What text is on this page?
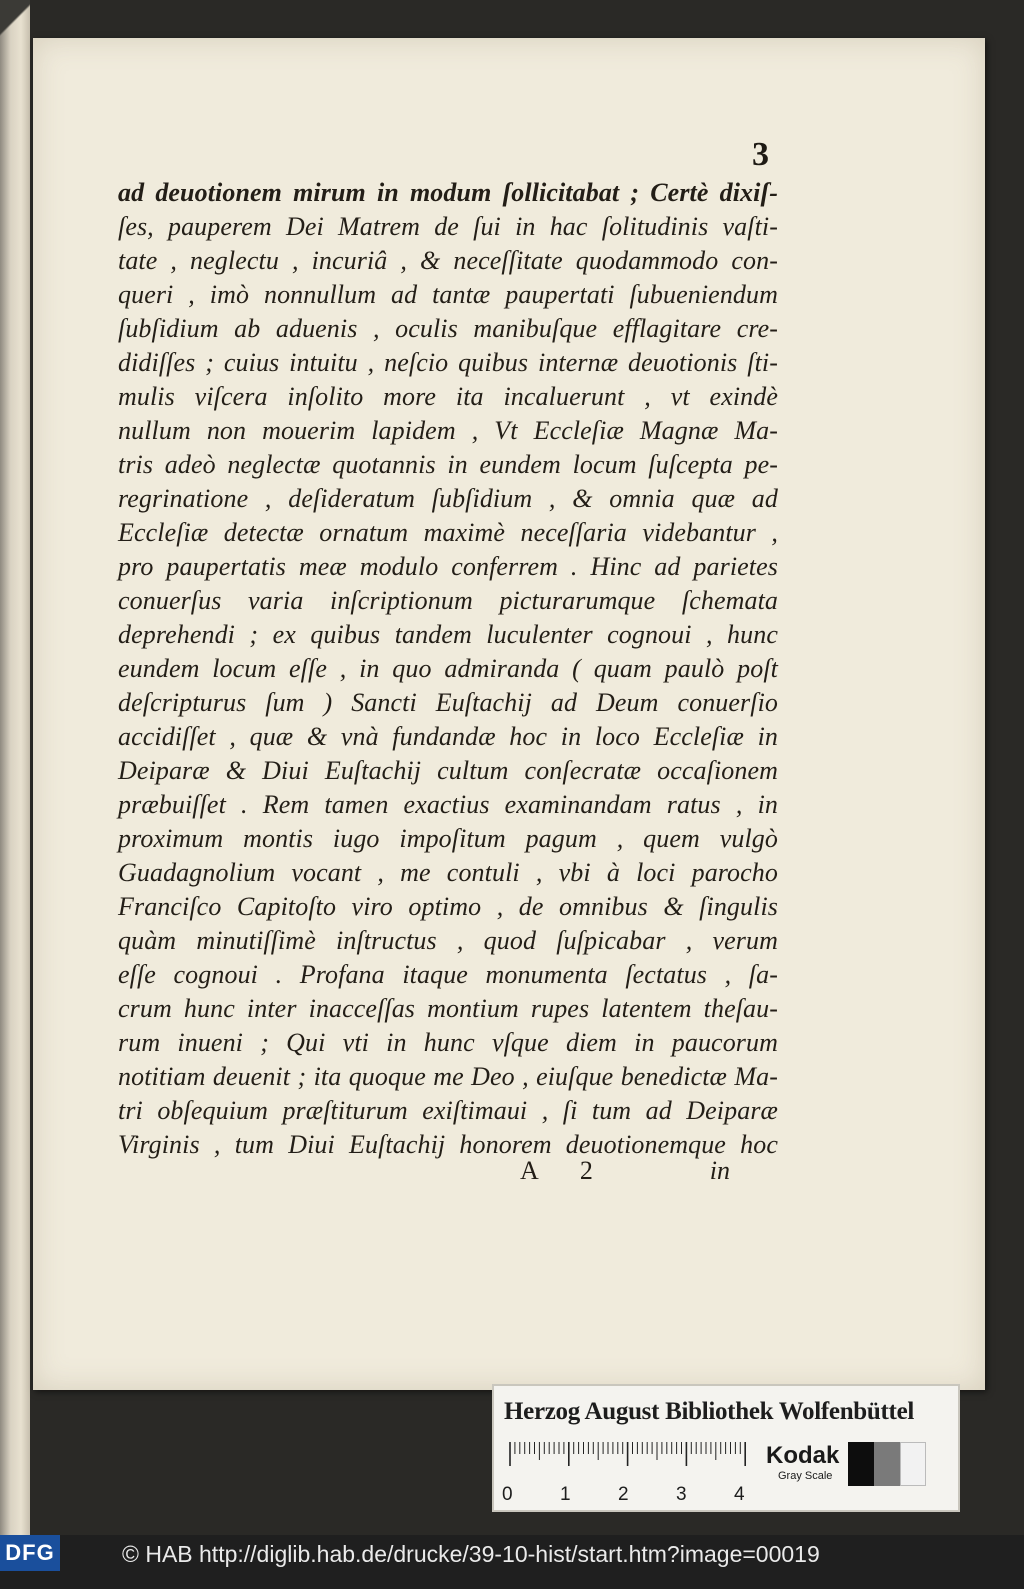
3
ad deuotionem mirum in modum ſollicitabat ; Certè dixiſ-
ſes, pauperem Dei Matrem de ſui in hac ſolitudinis vaſti-
tate , neglectu , incuriâ , & neceſſitate quodammodo con-
queri , imò nonnullum ad tantæ paupertati ſubueniendum
ſubſidium ab aduenis , oculis manibuſque efflagitare cre-
didiſſes ; cuius intuitu , neſcio quibus internæ deuotionis ſti-
mulis viſcera inſolito more ita incaluerunt , vt exindè
nullum non mouerim lapidem , Vt Eccleſiæ Magnæ Ma-
tris adeò neglectæ quotannis in eundem locum ſuſcepta pe-
regrinatione , deſideratum ſubſidium , & omnia quæ ad
Eccleſiæ detectæ ornatum maximè neceſſaria videbantur ,
pro paupertatis meæ modulo conferrem . Hinc ad parietes
conuerſus varia inſcriptionum picturarumque ſchemata
deprehendi ; ex quibus tandem luculenter cognoui , hunc
eundem locum eſſe , in quo admiranda ( quam paulò poſt
deſcripturus ſum ) Sancti Euſtachij ad Deum conuerſio
accidiſſet , quæ & vnà fundandæ hoc in loco Eccleſiæ in
Deiparæ & Diui Euſtachij cultum conſecratæ occaſionem
præbuiſſet . Rem tamen exactius examinandam ratus , in
proximum montis iugo impoſitum pagum , quem vulgò
Guadagnolium vocant , me contuli , vbi à loci parocho
Franciſco Capitoſto viro optimo , de omnibus & ſingulis
quàm minutiſſimè inſtructus , quod ſuſpicabar , verum
eſſe cognoui . Profana itaque monumenta ſectatus , ſa-
crum hunc inter inacceſſas montium rupes latentem theſau-
rum inueni ; Qui vti in hunc vſque diem in paucorum
notitiam deuenit ; ita quoque me Deo , eiuſque benedictæ Ma-
tri obſequium præſtiturum exiſtimaui , ſi tum ad Deiparæ
Virginis , tum Diui Euſtachij honorem deuotionemque hoc
A 2	in
Herzog August Bibliothek Wolfenbüttel
0 1 2 3 4
Kodak
Gray Scale
DFG	© HAB http://diglib.hab.de/drucke/39-10-hist/start.htm?image=00019
